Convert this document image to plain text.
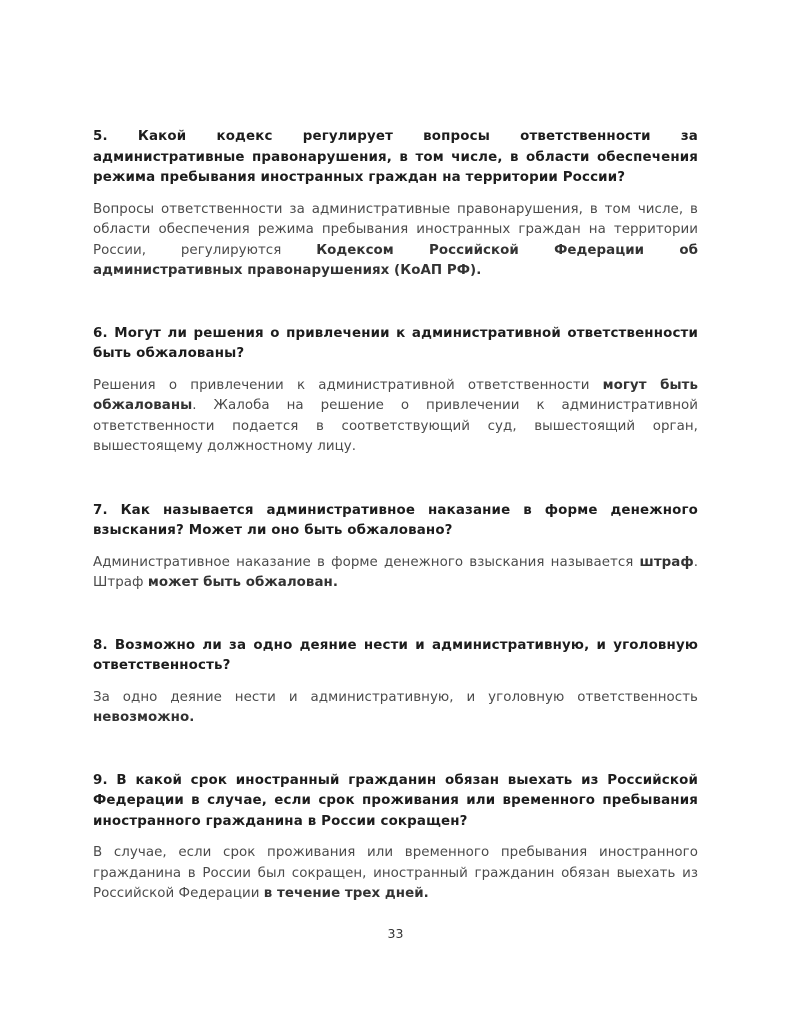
5. Какой кодекс регулирует вопросы ответственности за административные правонарушения, в том числе, в области обеспечения режима пребывания иностранных граждан на территории России?

Вопросы ответственности за административные правонарушения, в том числе, в области обеспечения режима пребывания иностранных граждан на территории России, регулируются Кодексом Российской Федерации об административных правонарушениях (КоАП РФ).

6. Могут ли решения о привлечении к административной ответственности быть обжалованы?

Решения о привлечении к административной ответственности могут быть обжалованы. Жалоба на решение о привлечении к административной ответственности подается в соответствующий суд, вышестоящий орган, вышестоящему должностному лицу.

7. Как называется административное наказание в форме денежного взыскания? Может ли оно быть обжаловано?

Административное наказание в форме денежного взыскания называется штраф. Штраф может быть обжалован.

8. Возможно ли за одно деяние нести и административную, и уголовную ответственность?

За одно деяние нести и административную, и уголовную ответственность невозможно.

9. В какой срок иностранный гражданин обязан выехать из Российской Федерации в случае, если срок проживания или временного пребывания иностранного гражданина в России сокращен?

В случае, если срок проживания или временного пребывания иностранного гражданина в России был сокращен, иностранный гражданин обязан выехать из Российской Федерации в течение трех дней.

33
